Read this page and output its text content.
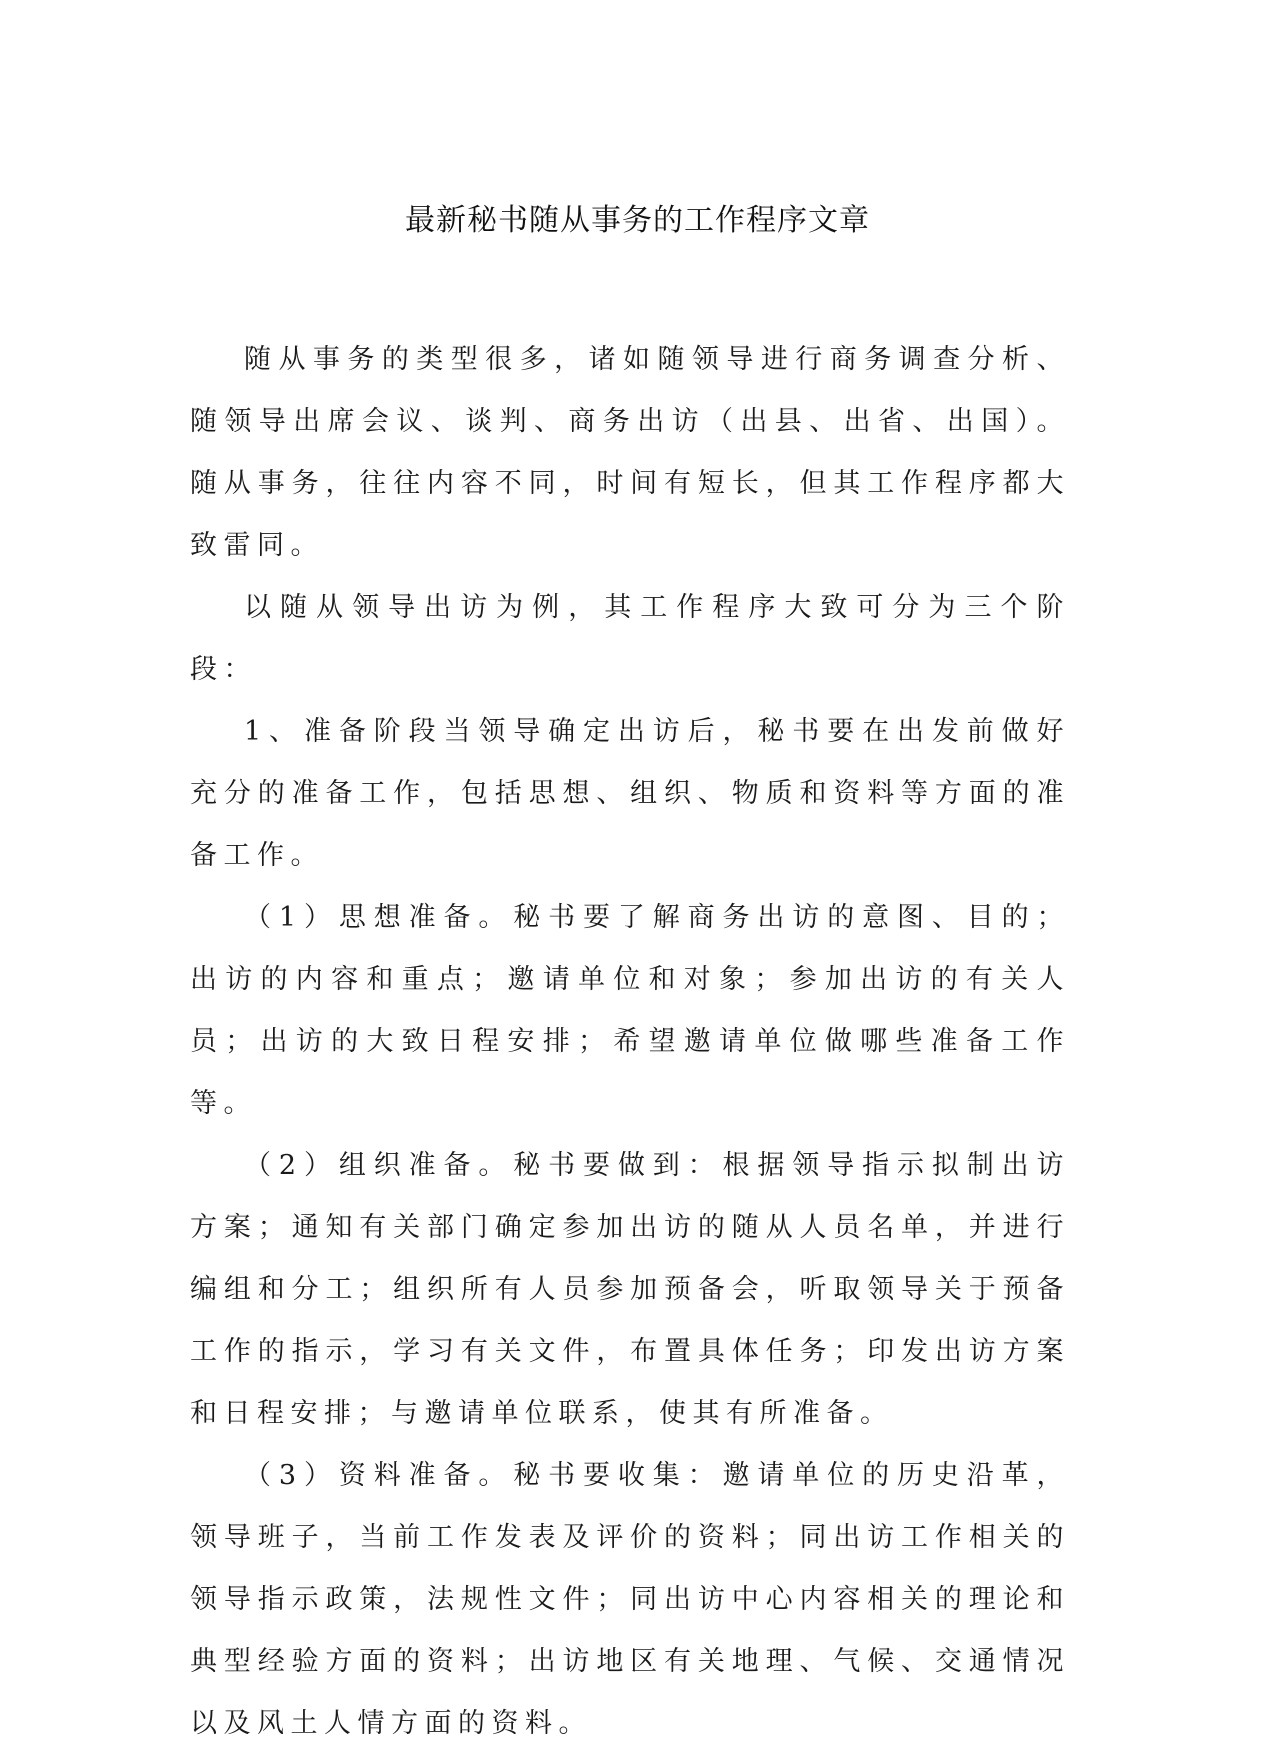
最新秘书随从事务的工作程序文章

随从事务的类型很多，诸如随领导进行商务调查分析、随领导出席会议、谈判、商务出访（出县、出省、出国）。随从事务，往往内容不同，时间有短长，但其工作程序都大致雷同。

以随从领导出访为例，其工作程序大致可分为三个阶段：

1、准备阶段当领导确定出访后，秘书要在出发前做好充分的准备工作，包括思想、组织、物质和资料等方面的准备工作。

（1）思想准备。秘书要了解商务出访的意图、目的；出访的内容和重点；邀请单位和对象；参加出访的有关人员；出访的大致日程安排；希望邀请单位做哪些准备工作等。

（2）组织准备。秘书要做到：根据领导指示拟制出访方案；通知有关部门确定参加出访的随从人员名单，并进行编组和分工；组织所有人员参加预备会，听取领导关于预备工作的指示，学习有关文件，布置具体任务；印发出访方案和日程安排；与邀请单位联系，使其有所准备。

（3）资料准备。秘书要收集：邀请单位的历史沿革，领导班子，当前工作发表及评价的资料；同出访工作相关的领导指示政策，法规性文件；同出访中心内容相关的理论和典型经验方面的资料；出访地区有关地理、气候、交通情况以及风土人情方面的资料。
